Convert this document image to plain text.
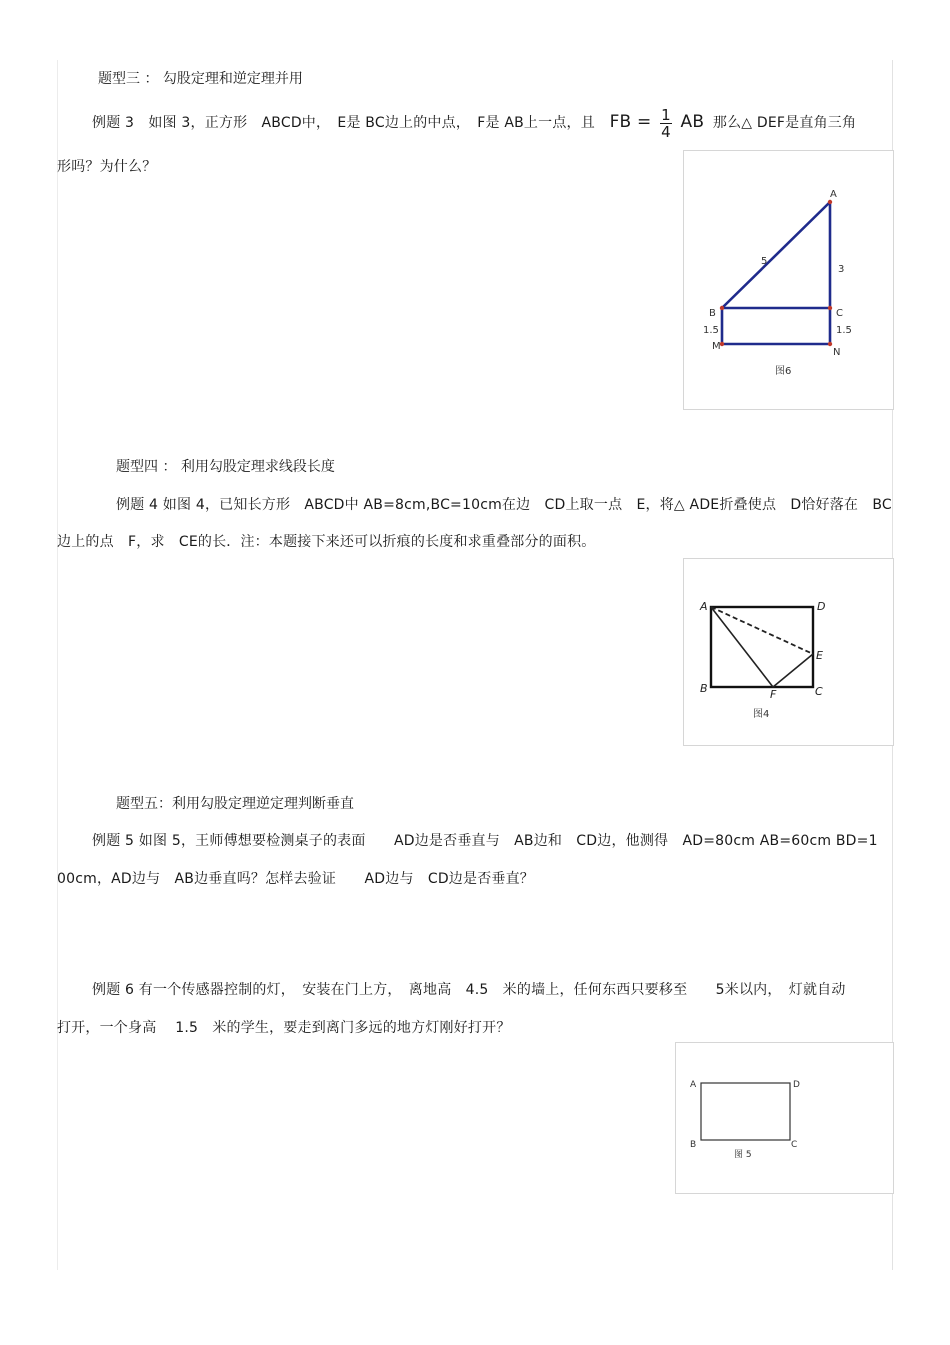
题型三 ： 勾股定理和逆定理并用
例题 3　如图 3，正方形　ABCD中，　E是 BC边上的中点，　F是 AB上一点，且 FB = $\frac{1}{4}$ AB 那么△ DEF是直角三角
形吗？为什么？
A
B	C
M
N
5
3
1.5	1.5
图6
题型四 ： 利用勾股定理求线段长度
例题 4 如图 4，已知长方形　ABCD中 AB=8cm,BC=10cm在边　CD上取一点　E，将△ ADE折叠使点　D恰好落在　BC
边上的点　F，求　CE的长．注：本题接下来还可以折痕的长度和求重叠部分的面积。
A	D
B	C
E
F
图4
题型五：利用勾股定理逆定理判断垂直
例题 5 如图 5，王师傅想要检测桌子的表面　　AD边是否垂直与　AB边和　CD边，他测得　AD=80cm AB=60cm BD=1
00cm，AD边与　AB边垂直吗？怎样去验证　　AD边与　CD边是否垂直？
例题 6 有一个传感器控制的灯，　安装在门上方，　离地高　4.5　米的墙上，任何东西只要移至　　5米以内，　灯就自动
打开，一个身高　 1.5　米的学生，要走到离门多远的地方灯刚好打开？
A	D
B	C
图 5
